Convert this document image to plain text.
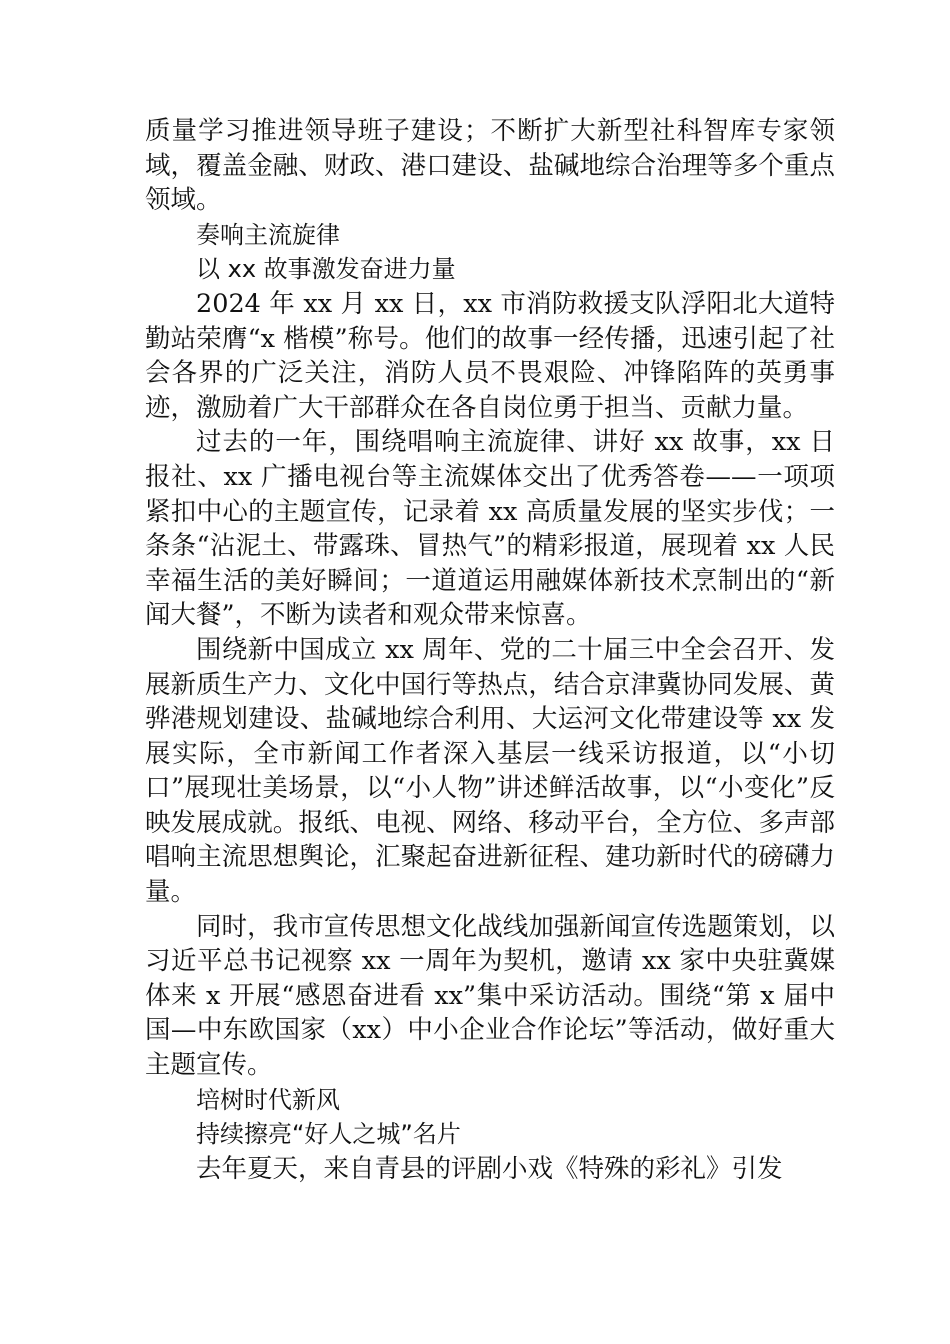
质量学习推进领导班子建设；不断扩大新型社科智库专家领域，覆盖金融、财政、港口建设、盐碱地综合治理等多个重点领域。

奏响主流旋律

以 xx 故事激发奋进力量

2024 年 xx 月 xx 日，xx 市消防救援支队浮阳北大道特勤站荣膺“x 楷模”称号。他们的故事一经传播，迅速引起了社会各界的广泛关注，消防人员不畏艰险、冲锋陷阵的英勇事迹，激励着广大干部群众在各自岗位勇于担当、贡献力量。

过去的一年，围绕唱响主流旋律、讲好 xx 故事，xx 日报社、xx 广播电视台等主流媒体交出了优秀答卷——一项项紧扣中心的主题宣传，记录着 xx 高质量发展的坚实步伐；一条条“沾泥土、带露珠、冒热气”的精彩报道，展现着 xx 人民幸福生活的美好瞬间；一道道运用融媒体新技术烹制出的“新闻大餐”，不断为读者和观众带来惊喜。

围绕新中国成立 xx 周年、党的二十届三中全会召开、发展新质生产力、文化中国行等热点，结合京津冀协同发展、黄骅港规划建设、盐碱地综合利用、大运河文化带建设等 xx 发展实际，全市新闻工作者深入基层一线采访报道，以“小切口”展现壮美场景，以“小人物”讲述鲜活故事，以“小变化”反映发展成就。报纸、电视、网络、移动平台，全方位、多声部唱响主流思想舆论，汇聚起奋进新征程、建功新时代的磅礴力量。

同时，我市宣传思想文化战线加强新闻宣传选题策划，以习近平总书记视察 xx 一周年为契机，邀请 xx 家中央驻冀媒体来 x 开展“感恩奋进看 xx”集中采访活动。围绕“第 x 届中国—中东欧国家（xx）中小企业合作论坛”等活动，做好重大主题宣传。

培树时代新风

持续擦亮“好人之城”名片

去年夏天，来自青县的评剧小戏《特殊的彩礼》引发
